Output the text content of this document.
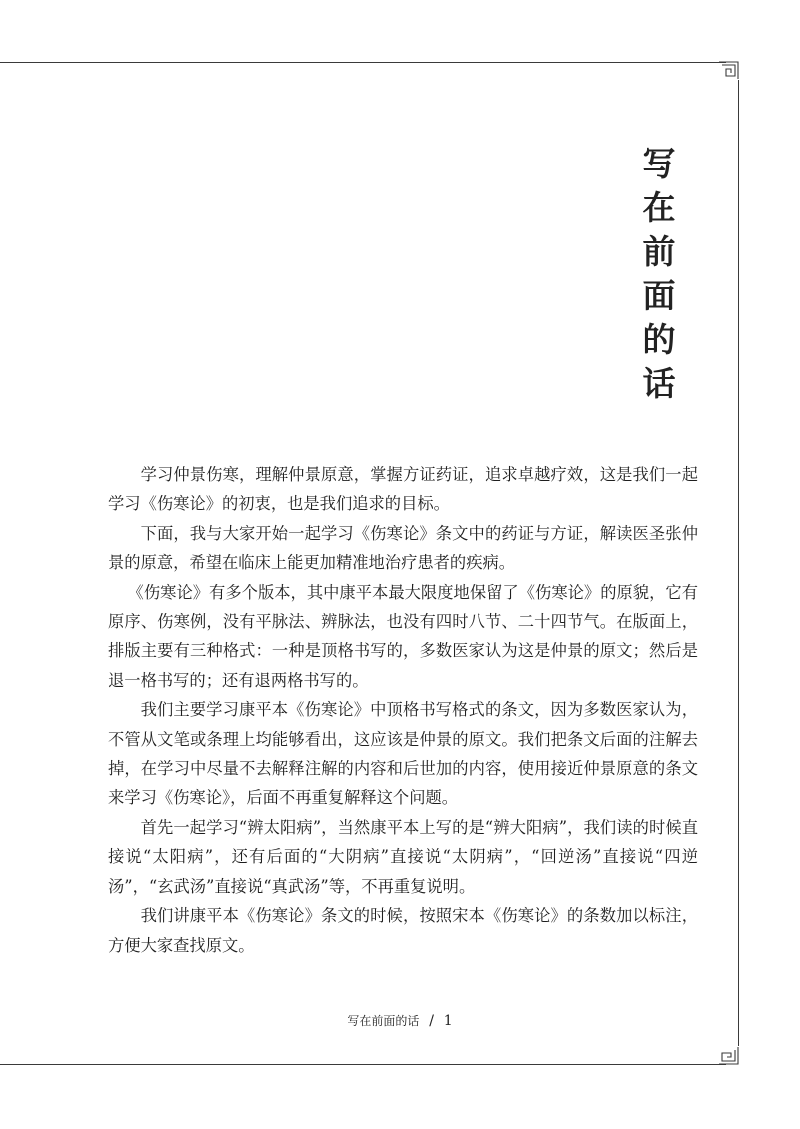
写
在
前
面
的
话

学习仲景伤寒，理解仲景原意，掌握方证药证，追求卓越疗效，这是我们一起学习《伤寒论》的初衷，也是我们追求的目标。

下面，我与大家开始一起学习《伤寒论》条文中的药证与方证，解读医圣张仲景的原意，希望在临床上能更加精准地治疗患者的疾病。

《伤寒论》有多个版本，其中康平本最大限度地保留了《伤寒论》的原貌，它有原序、伤寒例，没有平脉法、辨脉法，也没有四时八节、二十四节气。在版面上，排版主要有三种格式：一种是顶格书写的，多数医家认为这是仲景的原文；然后是退一格书写的；还有退两格书写的。

我们主要学习康平本《伤寒论》中顶格书写格式的条文，因为多数医家认为，不管从文笔或条理上均能够看出，这应该是仲景的原文。我们把条文后面的注解去掉，在学习中尽量不去解释注解的内容和后世加的内容，使用接近仲景原意的条文来学习《伤寒论》，后面不再重复解释这个问题。

首先一起学习“辨太阳病”，当然康平本上写的是“辨大阳病”，我们读的时候直接说“太阳病”，还有后面的“大阴病”直接说“太阴病”，“回逆汤”直接说“四逆汤”，“玄武汤”直接说“真武汤”等，不再重复说明。

我们讲康平本《伤寒论》条文的时候，按照宋本《伤寒论》的条数加以标注，方便大家查找原文。

写在前面的话 / 1
